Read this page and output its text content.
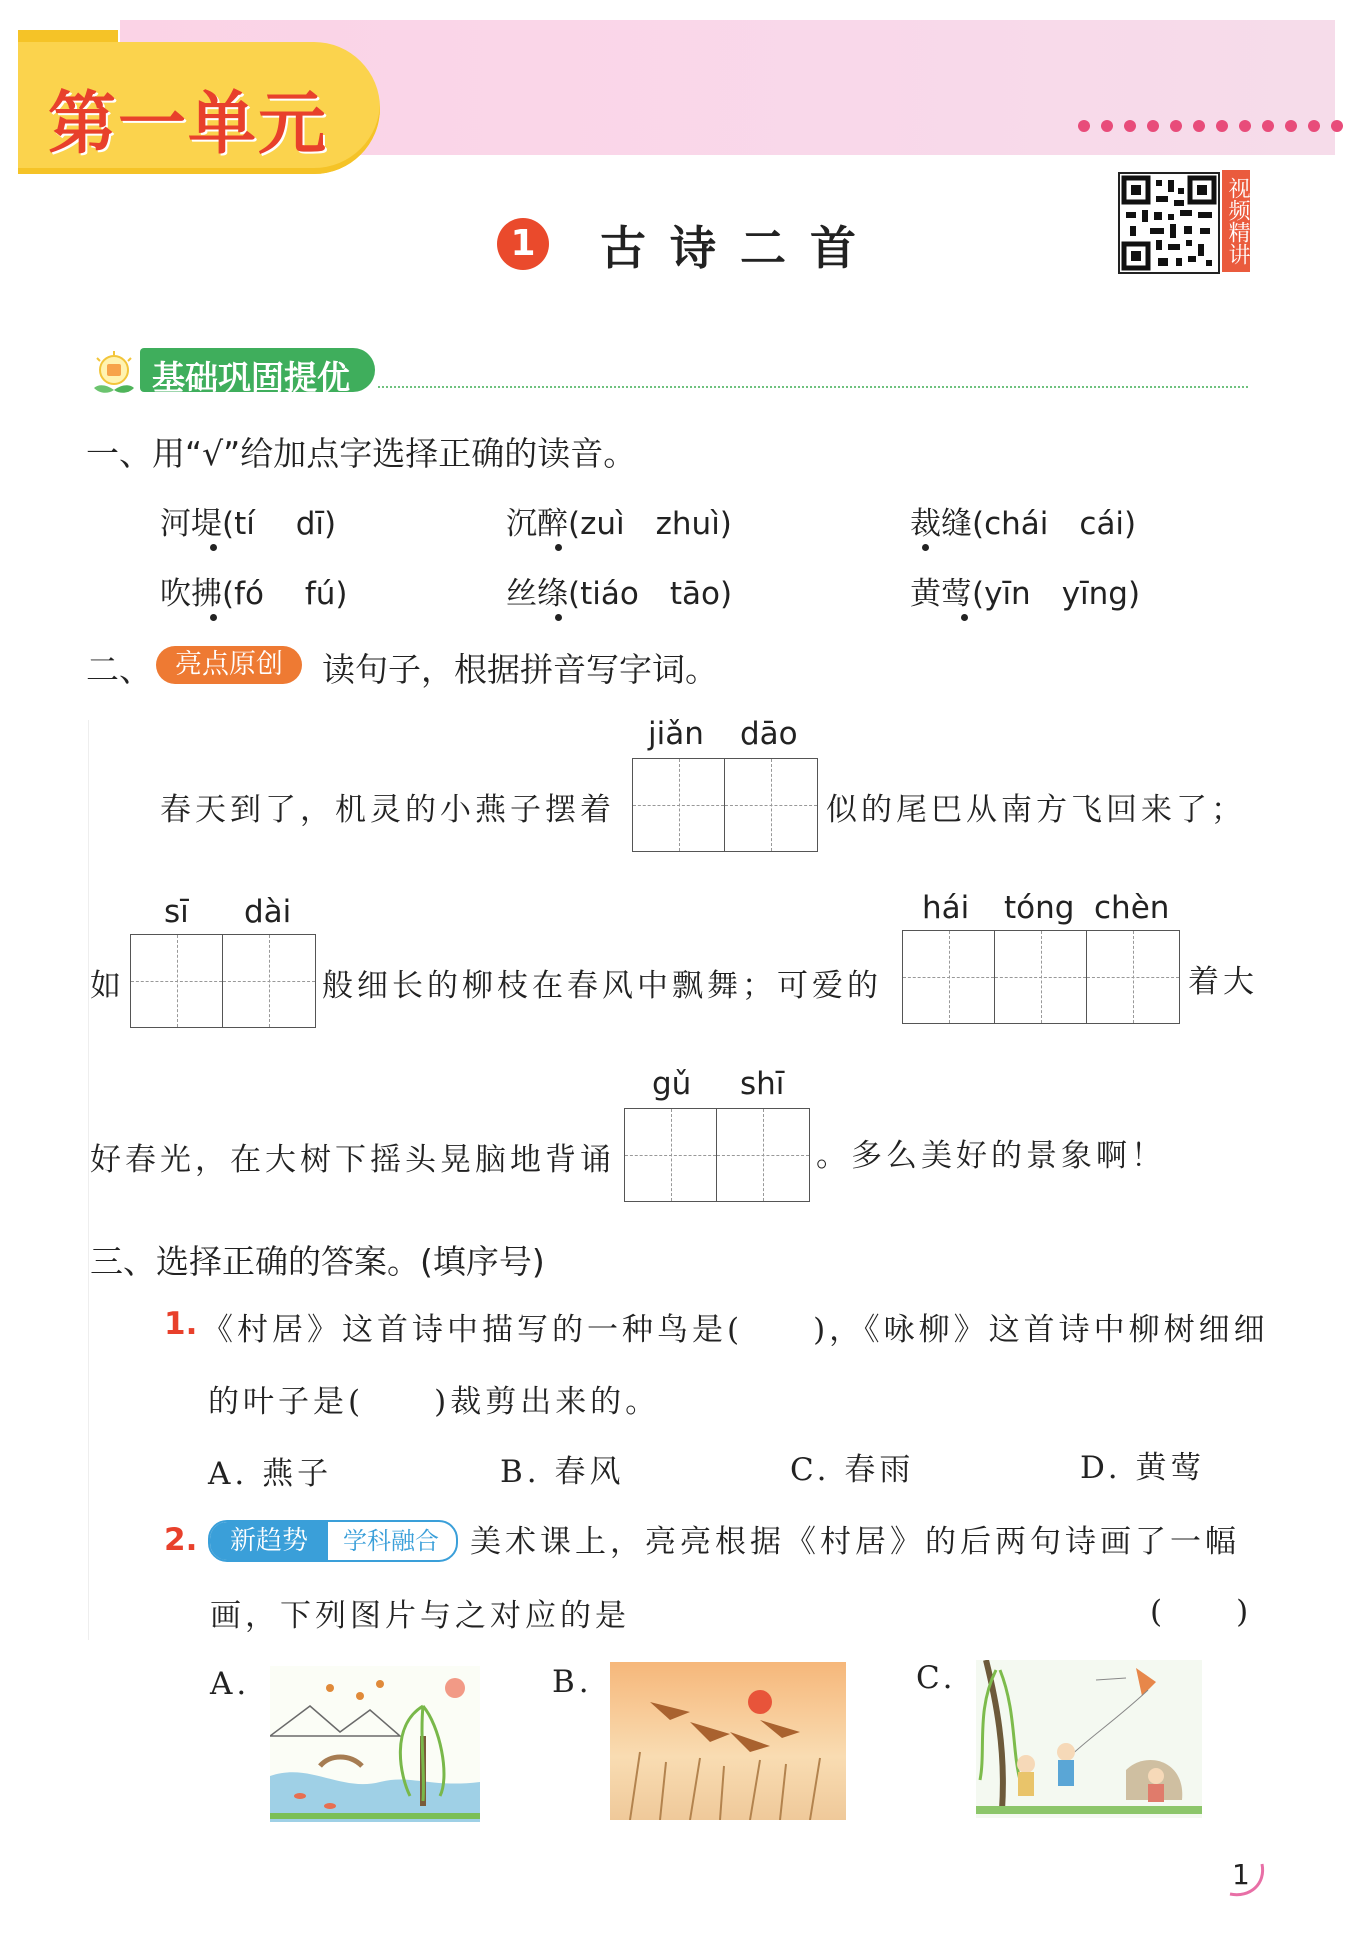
第一单元
1 古诗二首	视频精讲
基础巩固提优
一、用“√”给加点字选择正确的读音。
河堤(tí　 dī)	沉醉(zuì　zhuì)	裁缝(chái　cái)
吹拂(fó　 fú)	丝绦(tiáo　tāo)	黄莺(yīn　yīng)
二、 亮点原创	读句子，根据拼音写字词。
jiǎn dāo
春天到了，机灵的小燕子摆着	似的尾巴从南方飞回来了；
sī dài	hái tóng chèn
如	般细长的柳枝在春风中飘舞；可爱的	着大
gǔ shī
好春光，在大树下摇头晃脑地背诵	。多么美好的景象啊！
三、选择正确的答案。(填序号)
1. 《村居》这首诗中描写的一种鸟是(　　)，《咏柳》这首诗中柳树细细
的叶子是(　　)裁剪出来的。
A. 燕子	B. 春风	C. 春雨	D. 黄莺
2.	新趋势	学科融合	美术课上，亮亮根据《村居》的后两句诗画了一幅
画，下列图片与之对应的是	(　　)
A.	B.	C.
1
